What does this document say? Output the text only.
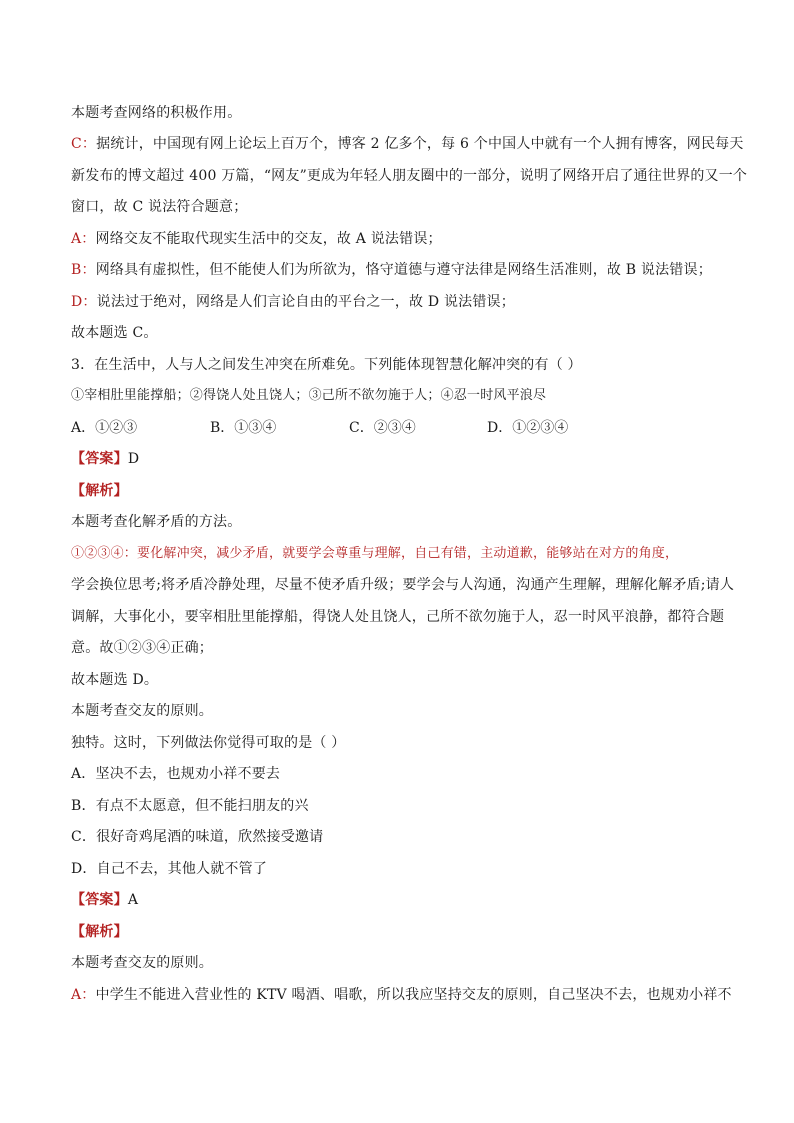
本题考查网络的积极作用。
C：据统计，中国现有网上论坛上百万个，博客 2 亿多个，每 6 个中国人中就有一个人拥有博客，网民每天
新发布的博文超过 400 万篇，“网友”更成为年轻人朋友圈中的一部分，说明了网络开启了通往世界的又一个
窗口，故 C 说法符合题意；
A：网络交友不能取代现实生活中的交友，故 A 说法错误；
B：网络具有虚拟性，但不能使人们为所欲为，恪守道德与遵守法律是网络生活准则，故 B 说法错误；
D：说法过于绝对，网络是人们言论自由的平台之一，故 D 说法错误；
故本题选 C。
3．在生活中，人与人之间发生冲突在所难免。下列能体现智慧化解冲突的有（ ）
①宰相肚里能撑船；②得饶人处且饶人；③己所不欲勿施于人；④忍一时风平浪尽
A．①②③	B．①③④	C．②③④	D．①②③④
【答案】D
【解析】
本题考查化解矛盾的方法。
①②③④：要化解冲突，减少矛盾，就要学会尊重与理解，自己有错，主动道歉，能够站在对方的角度，
学会换位思考;将矛盾冷静处理，尽量不使矛盾升级；要学会与人沟通，沟通产生理解，理解化解矛盾;请人
调解，大事化小，要宰相肚里能撑船，得饶人处且饶人，己所不欲勿施于人，忍一时风平浪静，都符合题
意。故①②③④正确；
故本题选 D。
本题考查交友的原则。
独特。这时，下列做法你觉得可取的是（ ）
A．坚决不去，也规劝小祥不要去
B．有点不太愿意，但不能扫朋友的兴
C．很好奇鸡尾酒的味道，欣然接受邀请
D．自己不去，其他人就不管了
【答案】A
【解析】
本题考查交友的原则。
A：中学生不能进入营业性的 KTV 喝酒、唱歌，所以我应坚持交友的原则，自己坚决不去，也规劝小祥不
